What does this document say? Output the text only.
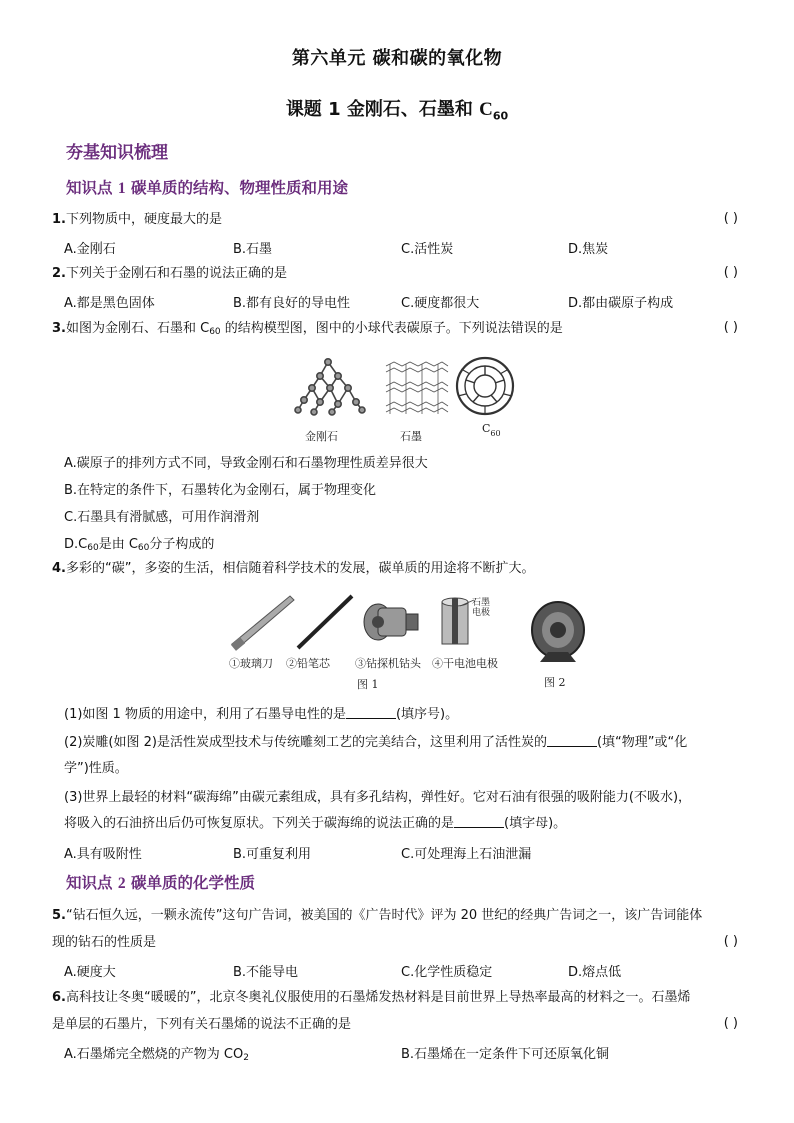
第六单元 碳和碳的氧化物
课题 1 金刚石、石墨和 $C_{60}$
夯基知识梳理
知识点 1 碳单质的结构、物理性质和用途
1.下列物质中，硬度最大的是	( )
A.金刚石	B.石墨	C.活性炭	D.焦炭
2.下列关于金刚石和石墨的说法正确的是	( )
A.都是黑色固体	B.都有良好的导电性	C.硬度都很大	D.都由碳原子构成
3.如图为金刚石、石墨和 $C_{60}$ 的结构模型图，图中的小球代表碳原子。下列说法错误的是	( )
金刚石	石墨
$C_{60}$
A.碳原子的排列方式不同，导致金刚石和石墨物理性质差异很大
B.在特定的条件下，石墨转化为金刚石，属于物理变化
C.石墨具有滑腻感，可用作润滑剂
$D.C_{60}$是由 $C_{60}$分子构成的
4.多彩的“碳”，多姿的生活，相信随着科学技术的发展，碳单质的用途将不断扩大。
石墨
电极
①玻璃刀 ②铅笔芯 ③钻探机钻头 ④干电池电极
图 1	图 2
(1)如图 1 物质的用途中，利用了石墨导电性的是	(填序号)。
(2)炭雕(如图 2)是活性炭成型技术与传统雕刻工艺的完美结合，这里利用了活性炭的	(填“物理”或“化
学”)性质。
(3)世界上最轻的材料“碳海绵”由碳元素组成，具有多孔结构，弹性好。它对石油有很强的吸附能力(不吸水)，
将吸入的石油挤出后仍可恢复原状。下列关于碳海绵的说法正确的是	(填字母)。
A.具有吸附性	B.可重复利用	C.可处理海上石油泄漏
知识点 2 碳单质的化学性质
5.“钻石恒久远，一颗永流传”这句广告词，被美国的《广告时代》评为 20 世纪的经典广告词之一，该广告词能体
现的钻石的性质是	( )
A.硬度大	B.不能导电	C.化学性质稳定	D.熔点低
6.高科技让冬奥“暖暖的”，北京冬奥礼仪服使用的石墨烯发热材料是目前世界上导热率最高的材料之一。石墨烯
是单层的石墨片，下列有关石墨烯的说法不正确的是	( )
A.石墨烯完全燃烧的产物为 $CO_2$	B.石墨烯在一定条件下可还原氧化铜
